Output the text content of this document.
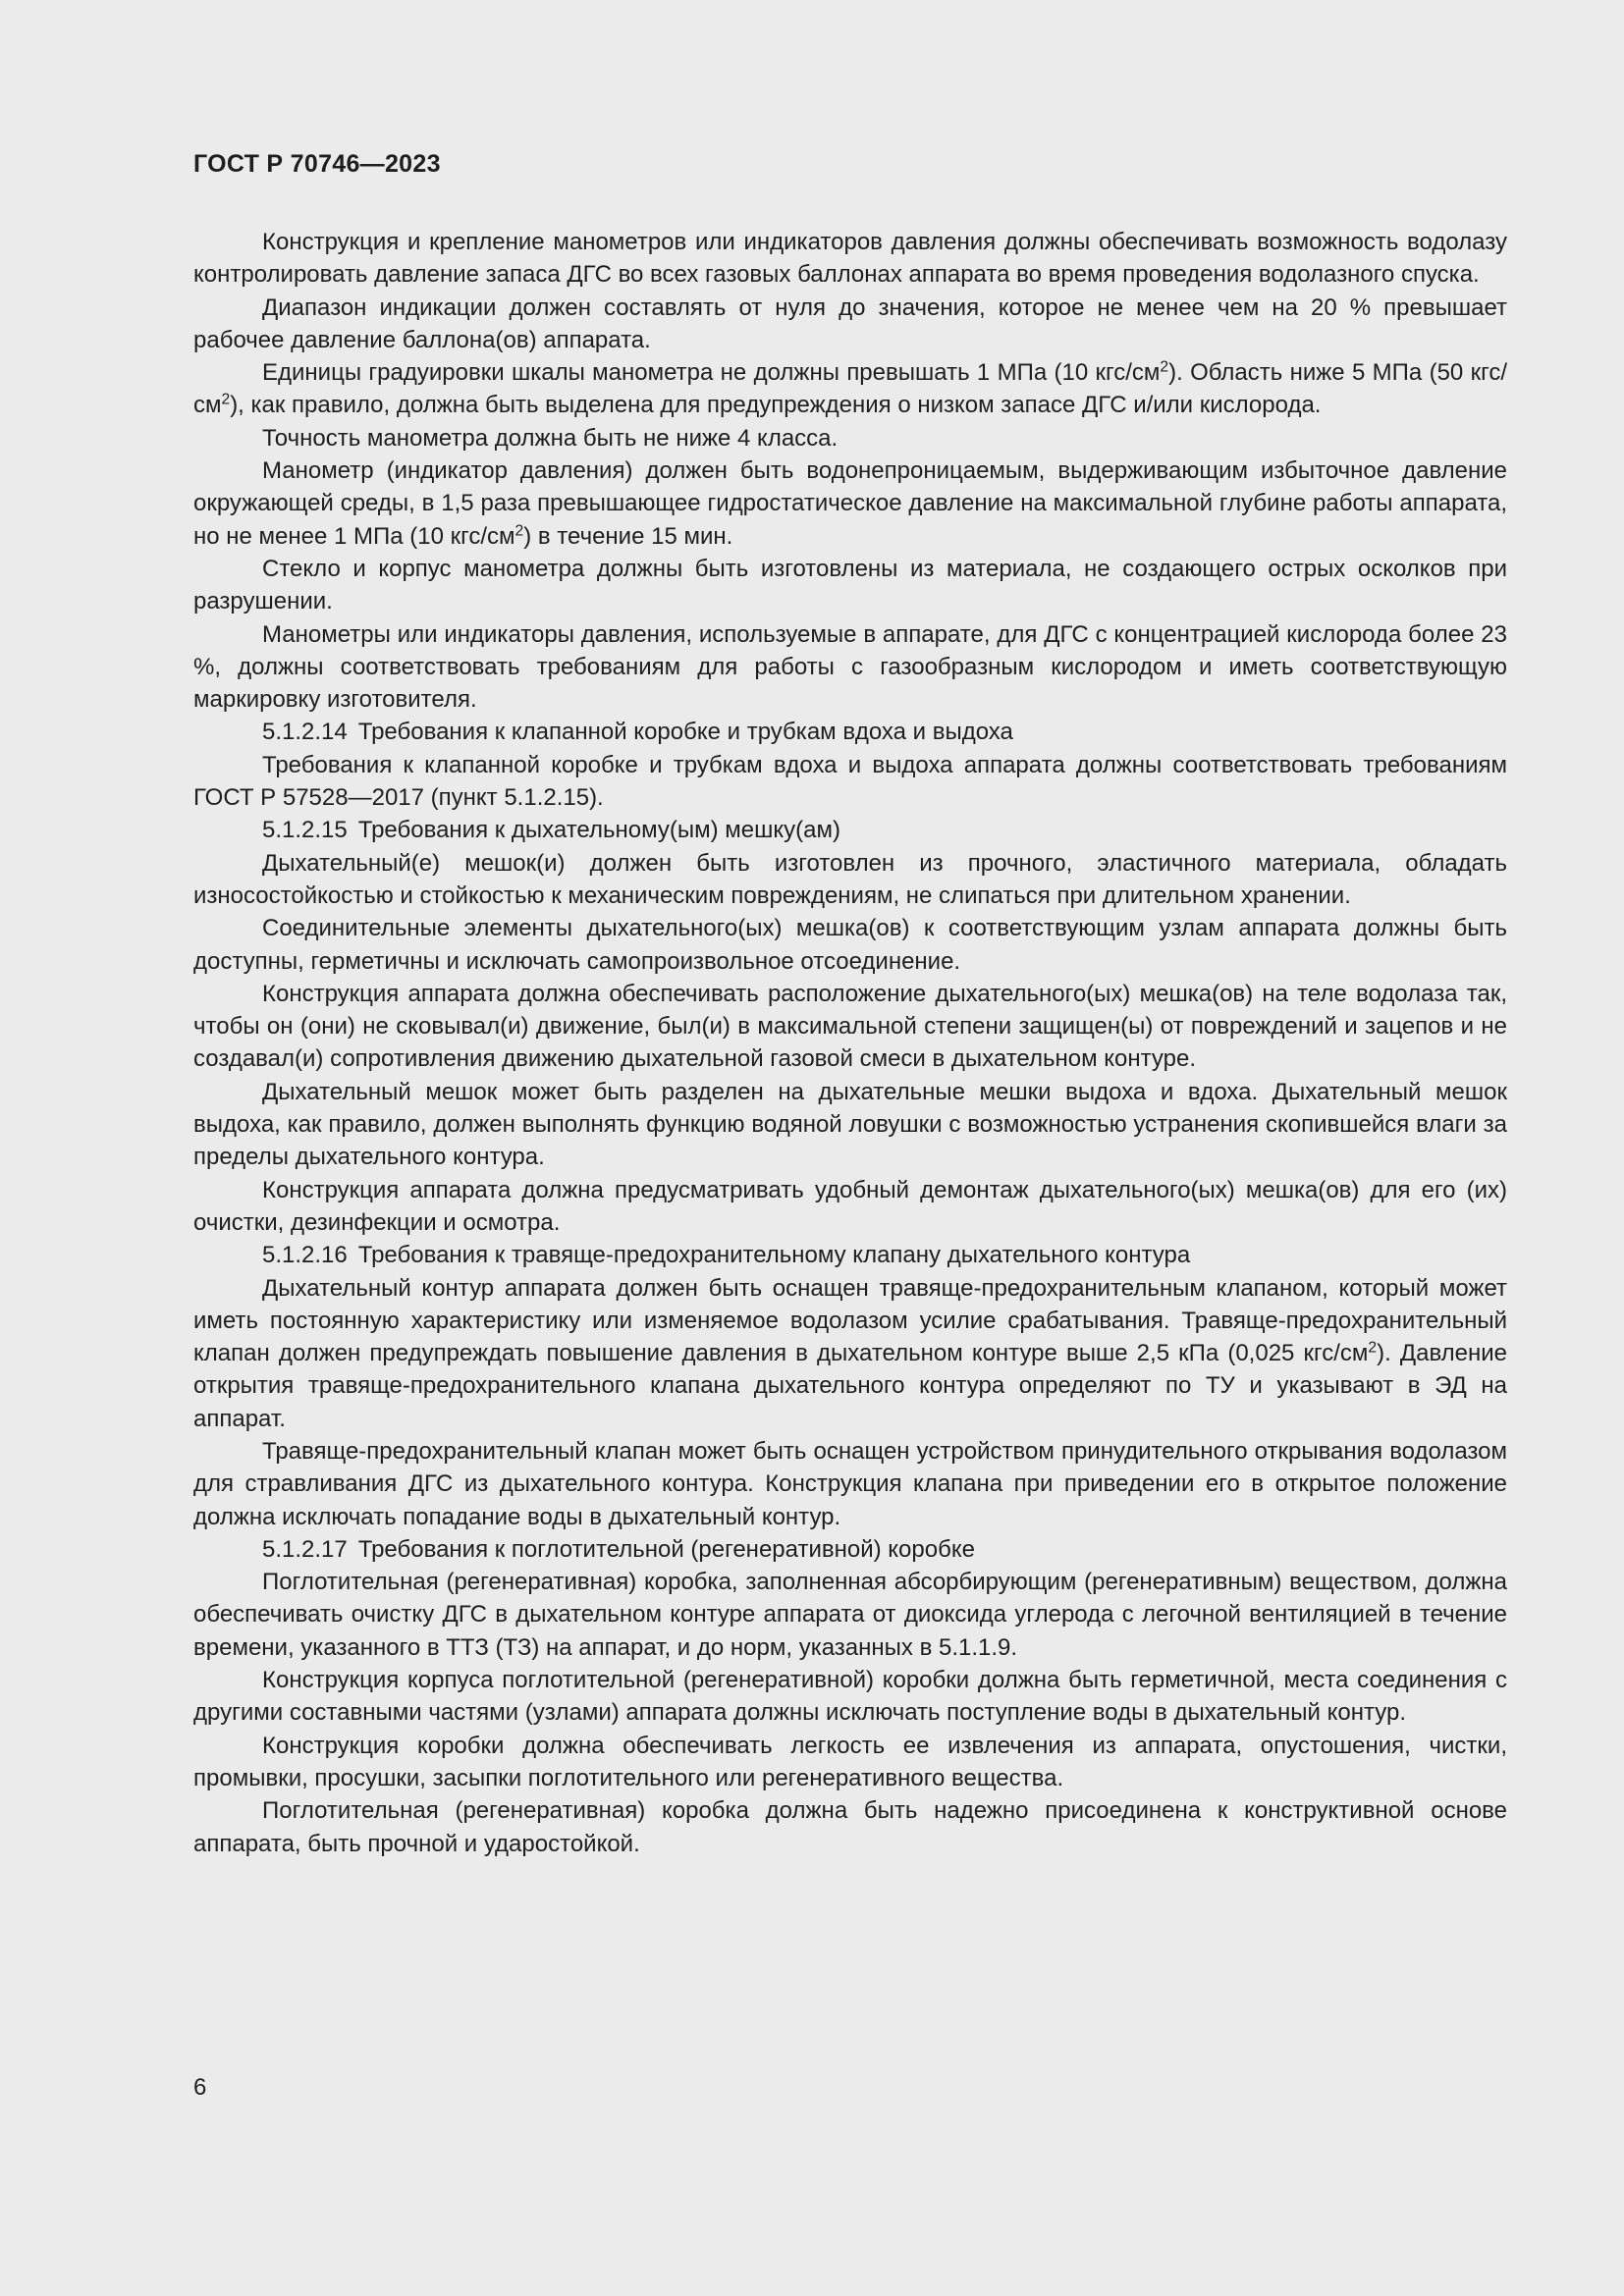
ГОСТ Р 70746—2023

Конструкция и крепление манометров или индикаторов давления должны обеспечивать возможность водолазу контролировать давление запаса ДГС во всех газовых баллонах аппарата во время проведения водолазного спуска.

Диапазон индикации должен составлять от нуля до значения, которое не менее чем на 20 % превышает рабочее давление баллона(ов) аппарата.

Единицы градуировки шкалы манометра не должны превышать 1 МПа (10 кгс/$см^2$). Область ниже 5 МПа (50 кгс/$см^2$), как правило, должна быть выделена для предупреждения о низком запасе ДГС и/или кислорода.

Точность манометра должна быть не ниже 4 класса.

Манометр (индикатор давления) должен быть водонепроницаемым, выдерживающим избыточное давление окружающей среды, в 1,5 раза превышающее гидростатическое давление на максимальной глубине работы аппарата, но не менее 1 МПа (10 кгс/$см^2$) в течение 15 мин.

Стекло и корпус манометра должны быть изготовлены из материала, не создающего острых осколков при разрушении.

Манометры или индикаторы давления, используемые в аппарате, для ДГС с концентрацией кислорода более 23 %, должны соответствовать требованиям для работы с газообразным кислородом и иметь соответствующую маркировку изготовителя.

5.1.2.14 Требования к клапанной коробке и трубкам вдоха и выдоха

Требования к клапанной коробке и трубкам вдоха и выдоха аппарата должны соответствовать требованиям ГОСТ Р 57528—2017 (пункт 5.1.2.15).

5.1.2.15 Требования к дыхательному(ым) мешку(ам)

Дыхательный(е) мешок(и) должен быть изготовлен из прочного, эластичного материала, обладать износостойкостью и стойкостью к механическим повреждениям, не слипаться при длительном хранении.

Соединительные элементы дыхательного(ых) мешка(ов) к соответствующим узлам аппарата должны быть доступны, герметичны и исключать самопроизвольное отсоединение.

Конструкция аппарата должна обеспечивать расположение дыхательного(ых) мешка(ов) на теле водолаза так, чтобы он (они) не сковывал(и) движение, был(и) в максимальной степени защищен(ы) от повреждений и зацепов и не создавал(и) сопротивления движению дыхательной газовой смеси в дыхательном контуре.

Дыхательный мешок может быть разделен на дыхательные мешки выдоха и вдоха. Дыхательный мешок выдоха, как правило, должен выполнять функцию водяной ловушки с возможностью устранения скопившейся влаги за пределы дыхательного контура.

Конструкция аппарата должна предусматривать удобный демонтаж дыхательного(ых) мешка(ов) для его (их) очистки, дезинфекции и осмотра.

5.1.2.16 Требования к травяще-предохранительному клапану дыхательного контура

Дыхательный контур аппарата должен быть оснащен травяще-предохранительным клапаном, который может иметь постоянную характеристику или изменяемое водолазом усилие срабатывания. Травяще-предохранительный клапан должен предупреждать повышение давления в дыхательном контуре выше 2,5 кПа (0,025 кгс/$см^2$). Давление открытия травяще-предохранительного клапана дыхательного контура определяют по ТУ и указывают в ЭД на аппарат.

Травяще-предохранительный клапан может быть оснащен устройством принудительного открывания водолазом для стравливания ДГС из дыхательного контура. Конструкция клапана при приведении его в открытое положение должна исключать попадание воды в дыхательный контур.

5.1.2.17 Требования к поглотительной (регенеративной) коробке

Поглотительная (регенеративная) коробка, заполненная абсорбирующим (регенеративным) веществом, должна обеспечивать очистку ДГС в дыхательном контуре аппарата от диоксида углерода с легочной вентиляцией в течение времени, указанного в ТТЗ (ТЗ) на аппарат, и до норм, указанных в 5.1.1.9.

Конструкция корпуса поглотительной (регенеративной) коробки должна быть герметичной, места соединения с другими составными частями (узлами) аппарата должны исключать поступление воды в дыхательный контур.

Конструкция коробки должна обеспечивать легкость ее извлечения из аппарата, опустошения, чистки, промывки, просушки, засыпки поглотительного или регенеративного вещества.

Поглотительная (регенеративная) коробка должна быть надежно присоединена к конструктивной основе аппарата, быть прочной и ударостойкой.

6
